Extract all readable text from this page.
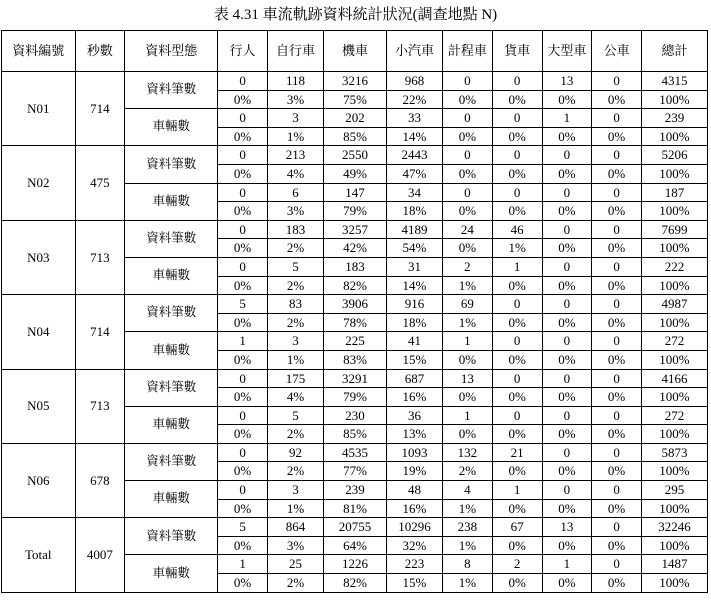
表 4.31 車流軌跡資料統計狀況(調查地點 N)
資料編號	秒數	資料型態	行人	自行車	機車	小汽車	計程車	貨車	大型車	公車	總計
N01	714	資料筆數	0	118	3216	968	0	0	13	0	4315
			0%	3%	75%	22%	0%	0%	0%	0%	100%
		車輛數	0	3	202	33	0	0	1	0	239
			0%	1%	85%	14%	0%	0%	0%	0%	100%
N02	475	資料筆數	0	213	2550	2443	0	0	0	0	5206
			0%	4%	49%	47%	0%	0%	0%	0%	100%
		車輛數	0	6	147	34	0	0	0	0	187
			0%	3%	79%	18%	0%	0%	0%	0%	100%
N03	713	資料筆數	0	183	3257	4189	24	46	0	0	7699
			0%	2%	42%	54%	0%	1%	0%	0%	100%
		車輛數	0	5	183	31	2	1	0	0	222
			0%	2%	82%	14%	1%	0%	0%	0%	100%
N04	714	資料筆數	5	83	3906	916	69	0	0	0	4987
			0%	2%	78%	18%	1%	0%	0%	0%	100%
		車輛數	1	3	225	41	1	0	0	0	272
			0%	1%	83%	15%	0%	0%	0%	0%	100%
N05	713	資料筆數	0	175	3291	687	13	0	0	0	4166
			0%	4%	79%	16%	0%	0%	0%	0%	100%
		車輛數	0	5	230	36	1	0	0	0	272
			0%	2%	85%	13%	0%	0%	0%	0%	100%
N06	678	資料筆數	0	92	4535	1093	132	21	0	0	5873
			0%	2%	77%	19%	2%	0%	0%	0%	100%
		車輛數	0	3	239	48	4	1	0	0	295
			0%	1%	81%	16%	1%	0%	0%	0%	100%
Total	4007	資料筆數	5	864	20755	10296	238	67	13	0	32246
			0%	3%	64%	32%	1%	0%	0%	0%	100%
		車輛數	1	25	1226	223	8	2	1	0	1487
			0%	2%	82%	15%	1%	0%	0%	0%	100%
